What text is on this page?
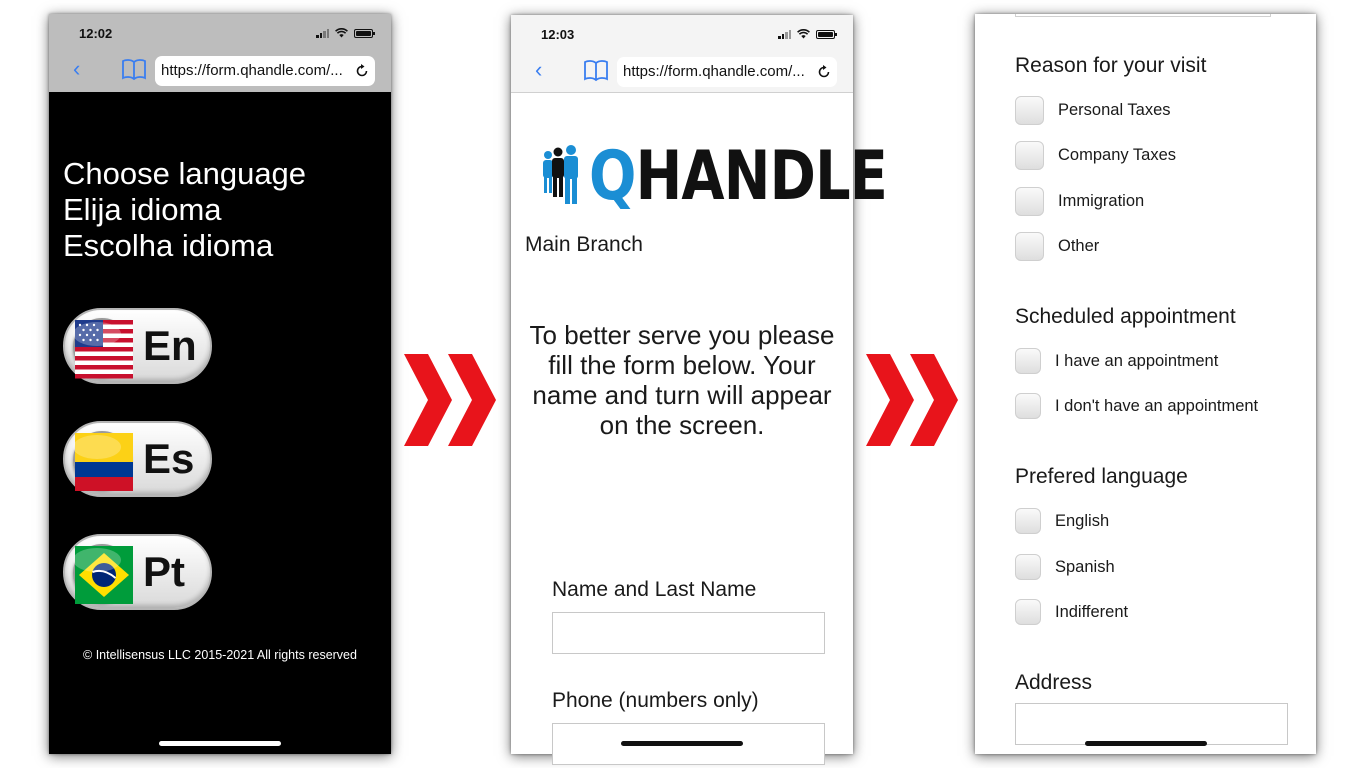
12:02
‹	https://form.qhandle.com/...
Choose language
Elija idioma
Escolha idioma
En
Es
Pt
© Intellisensus LLC 2015-2021 All rights reserved
12:03
‹	https://form.qhandle.com/...
QHANDLE
Main Branch
To better serve you please fill the form below. Your name and turn will appear on the screen.
Name and Last Name
Phone (numbers only)
Reason for your visit
Personal Taxes
Company Taxes
Immigration
Other
Scheduled appointment
I have an appointment
I don't have an appointment
Prefered language
English
Spanish
Indifferent
Address
